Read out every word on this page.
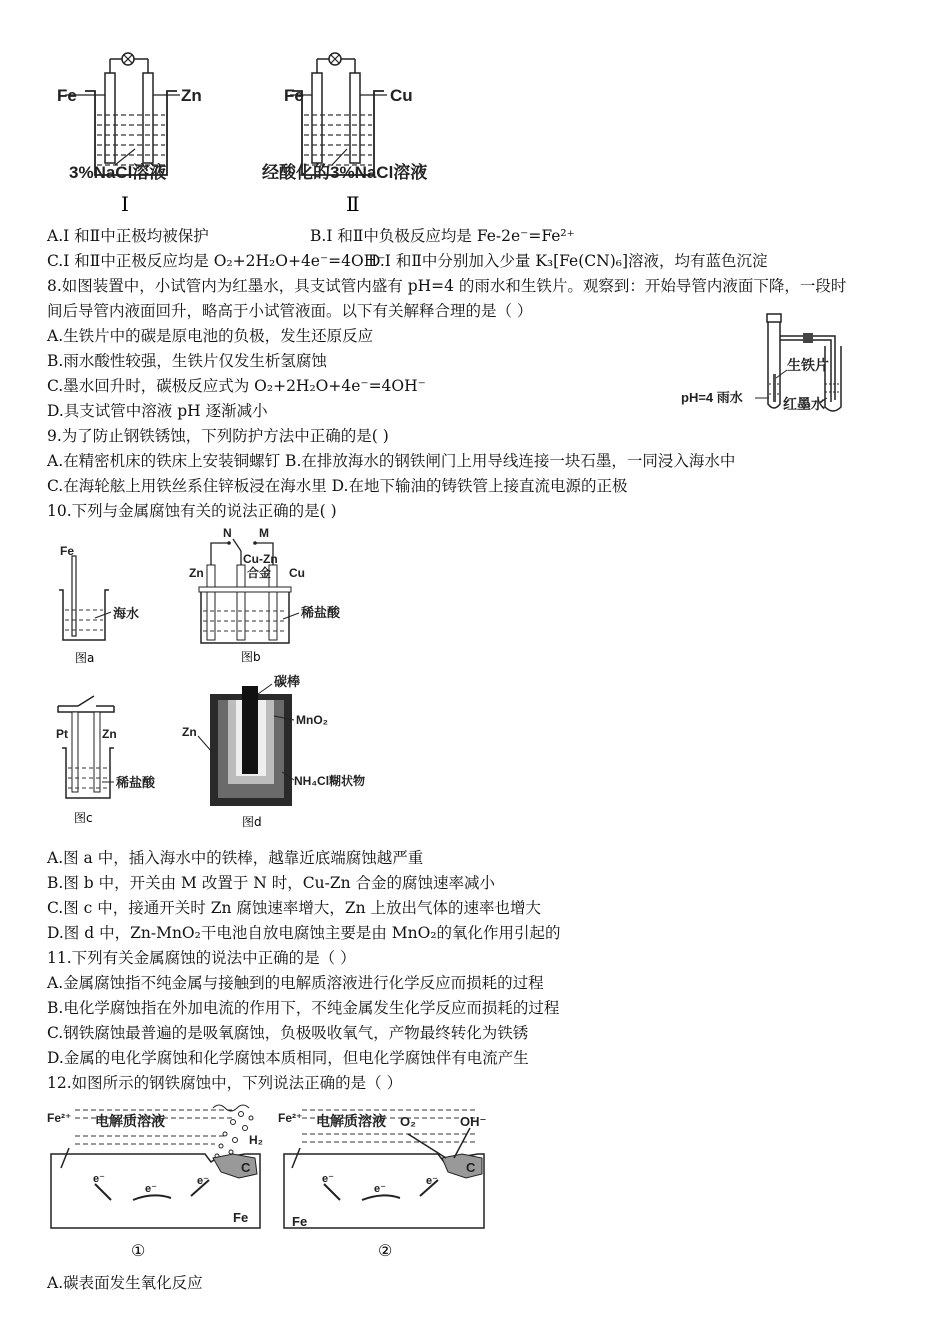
Fe	Zn
3%NaCl溶液
Ⅰ
Fe	Cu
经酸化的3%NaCl溶液
Ⅱ
A.I 和Ⅱ中正极均被保护	B.I 和Ⅱ中负极反应均是 Fe-2e⁻=Fe²⁺
C.I 和Ⅱ中正极反应均是 O₂+2H₂O+4e⁻=4OH⁻
D.I 和Ⅱ中分别加入少量 K₃[Fe(CN)₆]溶液，均有蓝色沉淀
8.如图装置中，小试管内为红墨水，具支试管内盛有 pH=4 的雨水和生铁片。观察到：开始导管内液面下降，一段时
间后导管内液面回升，略高于小试管液面。以下有关解释合理的是（ ）
A.生铁片中的碳是原电池的负极，发生还原反应
B.雨水酸性较强，生铁片仅发生析氢腐蚀
C.墨水回升时，碳极反应式为 O₂+2H₂O+4e⁻=4OH⁻
D.具支试管中溶液 pH 逐渐减小
生铁片
pH=4 雨水	红墨水
9.为了防止钢铁锈蚀，下列防护方法中正确的是( )
A.在精密机床的铁床上安装铜螺钉 B.在排放海水的钢铁闸门上用导线连接一块石墨，一同浸入海水中
C.在海轮舷上用铁丝系住锌板浸在海水里 D.在地下输油的铸铁管上接直流电源的正极
10.下列与金属腐蚀有关的说法正确的是( )
Fe
海水
图a
N M
Cu-Zn
合金
Zn	Cu
稀盐酸
图b
Pt	Zn
稀盐酸
图c
碳棒
MnO₂
Zn
NH₄Cl糊状物
图d
A.图 a 中，插入海水中的铁棒，越靠近底端腐蚀越严重
B.图 b 中，开关由 M 改置于 N 时，Cu-Zn 合金的腐蚀速率减小
C.图 c 中，接通开关时 Zn 腐蚀速率增大，Zn 上放出气体的速率也增大
D.图 d 中，Zn-MnO₂干电池自放电腐蚀主要是由 MnO₂的氧化作用引起的
11.下列有关金属腐蚀的说法中正确的是（ ）
A.金属腐蚀指不纯金属与接触到的电解质溶液进行化学反应而损耗的过程
B.电化学腐蚀指在外加电流的作用下，不纯金属发生化学反应而损耗的过程
C.钢铁腐蚀最普遍的是吸氧腐蚀，负极吸收氧气，产物最终转化为铁锈
D.金属的电化学腐蚀和化学腐蚀本质相同，但电化学腐蚀伴有电流产生
12.如图所示的钢铁腐蚀中，下列说法正确的是（ ）
Fe²⁺ 电解质溶液
H₂
C
e⁻
e⁻
e⁻
Fe
①
Fe²⁺ 电解质溶液 O₂	OH⁻
C
e⁻
e⁻
e⁻
Fe
②
A.碳表面发生氧化反应
